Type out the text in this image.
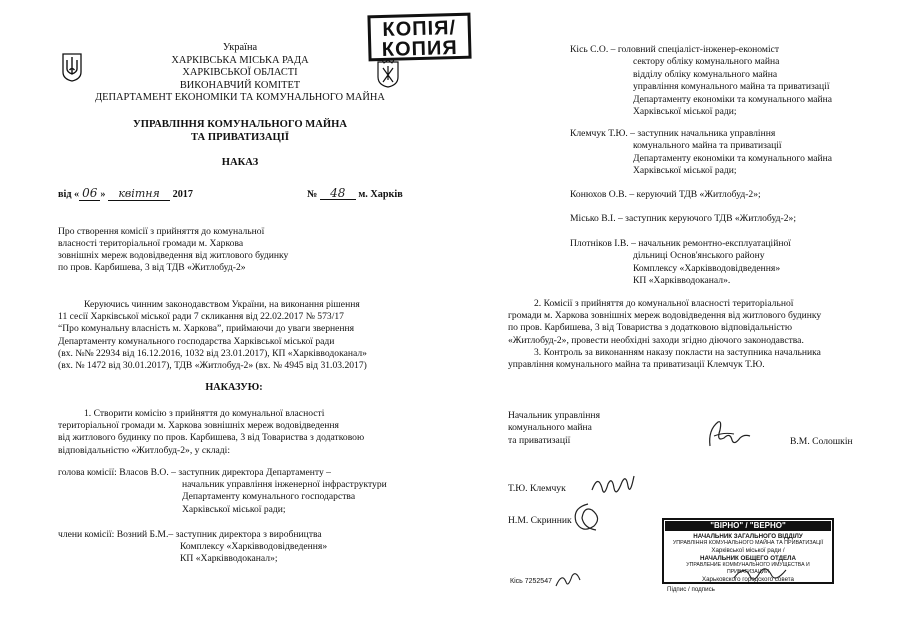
КОПІЯ/
КОПИЯ
Україна
ХАРКІВСЬКА МІСЬКА РАДА
ХАРКІВСЬКОЇ ОБЛАСТІ
ВИКОНАВЧИЙ КОМІТЕТ
ДЕПАРТАМЕНТ ЕКОНОМІКИ ТА КОМУНАЛЬНОГО МАЙНА
УПРАВЛІННЯ КОМУНАЛЬНОГО МАЙНА
ТА ПРИВАТИЗАЦІЇ
НАКАЗ
від « 06 » квітня 2017	№ 48 м. Харків
Про створення комісії з прийняття до комунальної
власності територіальної громади м. Харкова
зовнішніх мереж водовідведення від житлового будинку
по пров. Карбишева, 3 від ТДВ «Житлобуд-2»
Керуючись чинним законодавством України, на виконання рішення
11 сесії Харківської міської ради 7 скликання від 22.02.2017 № 573/17
“Про комунальну власність м. Харкова”, приймаючи до уваги звернення
Департаменту комунального господарства Харківської міської ради
(вх. №№ 22934 від 16.12.2016, 1032 від 23.01.2017), КП «Харківводоканал»
(вх. № 1472 від 30.01.2017), ТДВ «Житлобуд-2» (вх. № 4945 від 31.03.2017)
НАКАЗУЮ:
1. Створити комісію з прийняття до комунальної власності
територіальної громади м. Харкова зовнішніх мереж водовідведення
від житлового будинку по пров. Карбишева, 3 від Товариства з додатковою
відповідальністю «Житлобуд-2», у складі:
голова комісії: Власов В.О. – заступник директора Департаменту –
начальник управління інженерної інфраструктури
Департаменту комунального господарства
Харківської міської ради;
члени комісії: Возний Б.М.– заступник директора з виробництва
Комплексу «Харківводовідведення»
КП «Харківводоканал»;
Кісь С.О. – головний спеціаліст-інженер-економіст
сектору обліку комунального майна
відділу обліку комунального майна
управління комунального майна та приватизації
Департаменту економіки та комунального майна
Харківської міської ради;
Клемчук Т.Ю. – заступник начальника управління
комунального майна та приватизації
Департаменту економіки та комунального майна
Харківської міської ради;
Конюхов О.В. – керуючий ТДВ «Житлобуд-2»;
Місько В.І. – заступник керуючого ТДВ «Житлобуд-2»;
Плотніков І.В. – начальник ремонтно-експлуатаційної
дільниці Основ'янського району
Комплексу «Харківводовідведення»
КП «Харківводоканал».
2. Комісії з прийняття до комунальної власності територіальної
громади м. Харкова зовнішніх мереж водовідведення від житлового будинку
по пров. Карбишева, 3 від Товариства з додатковою відповідальністю
«Житлобуд-2», провести необхідні заходи згідно діючого законодавства.
3. Контроль за виконанням наказу покласти на заступника начальника
управління комунального майна та приватизації Клемчук Т.Ю.
Начальник управління
комунального майна
та приватизації	В.М. Солошкін
Т.Ю. Клемчук
Н.М. Скринник
Кісь 7252547
"ВІРНО" / "ВЕРНО"
НАЧАЛЬНИК ЗАГАЛЬНОГО ВІДДІЛУ
УПРАВЛІННЯ КОМУНАЛЬНОГО МАЙНА ТА ПРИВАТИЗАЦІЇ
Харківської міської ради /
НАЧАЛЬНИК ОБЩЕГО ОТДЕЛА
УПРАВЛЕНИЕ КОММУНАЛЬНОГО ИМУЩЕСТВА И ПРИВАТИЗАЦИИ
Харьковского городского совета
Підпис / подпись
